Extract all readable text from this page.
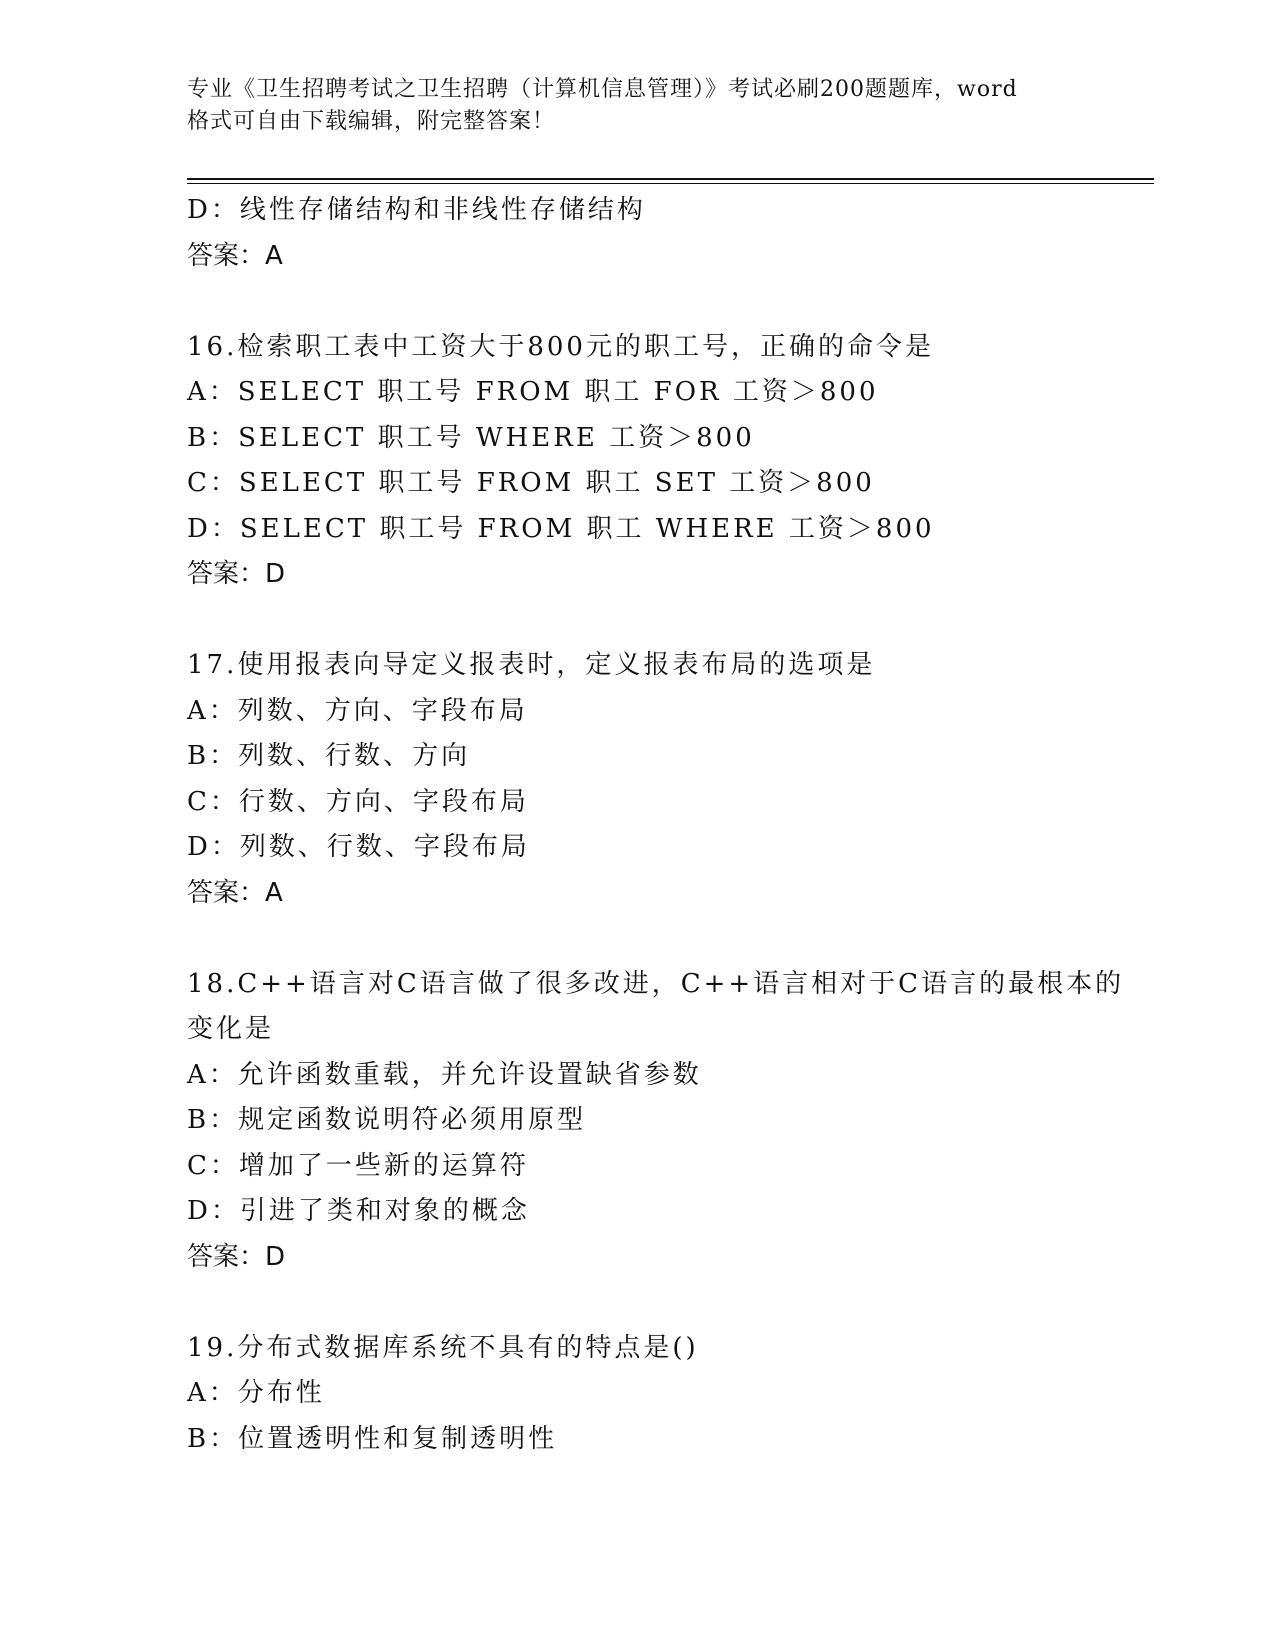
专业《卫生招聘考试之卫生招聘（计算机信息管理）》考试必刷200题题库，word
格式可自由下载编辑，附完整答案！
D：线性存储结构和非线性存储结构
答案：A
16.检索职工表中工资大于800元的职工号，正确的命令是
A：SELECT 职工号 FROM 职工 FOR 工资＞800
B：SELECT 职工号 WHERE 工资＞800
C：SELECT 职工号 FROM 职工 SET 工资＞800
D：SELECT 职工号 FROM 职工 WHERE 工资＞800
答案：D
17.使用报表向导定义报表时，定义报表布局的选项是
A：列数、方向、字段布局
B：列数、行数、方向
C：行数、方向、字段布局
D：列数、行数、字段布局
答案：A
18.C++语言对C语言做了很多改进，C++语言相对于C语言的最根本的
变化是
A：允许函数重载，并允许设置缺省参数
B：规定函数说明符必须用原型
C：增加了一些新的运算符
D：引进了类和对象的概念
答案：D
19.分布式数据库系统不具有的特点是()
A：分布性
B：位置透明性和复制透明性
